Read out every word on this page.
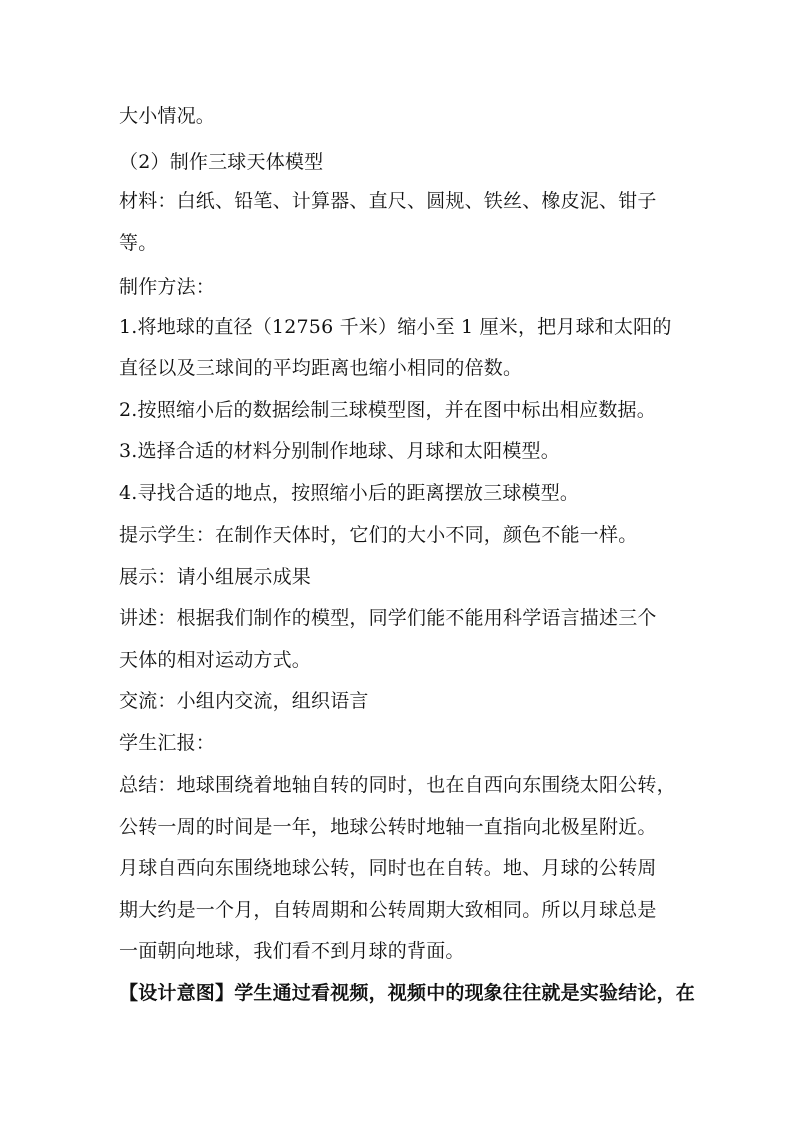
大小情况。
（2）制作三球天体模型
材料：白纸、铅笔、计算器、直尺、圆规、铁丝、橡皮泥、钳子
等。
制作方法：
1.将地球的直径（12756 千米）缩小至 1 厘米，把月球和太阳的
直径以及三球间的平均距离也缩小相同的倍数。
2.按照缩小后的数据绘制三球模型图，并在图中标出相应数据。
3.选择合适的材料分别制作地球、月球和太阳模型。
4.寻找合适的地点，按照缩小后的距离摆放三球模型。
提示学生：在制作天体时，它们的大小不同，颜色不能一样。
展示：请小组展示成果
讲述：根据我们制作的模型，同学们能不能用科学语言描述三个
天体的相对运动方式。
交流：小组内交流，组织语言
学生汇报：
总结：地球围绕着地轴自转的同时，也在自西向东围绕太阳公转，
公转一周的时间是一年，地球公转时地轴一直指向北极星附近。
月球自西向东围绕地球公转，同时也在自转。地、月球的公转周
期大约是一个月，自转周期和公转周期大致相同。所以月球总是
一面朝向地球，我们看不到月球的背面。
【设计意图】学生通过看视频，视频中的现象往往就是实验结论，在
